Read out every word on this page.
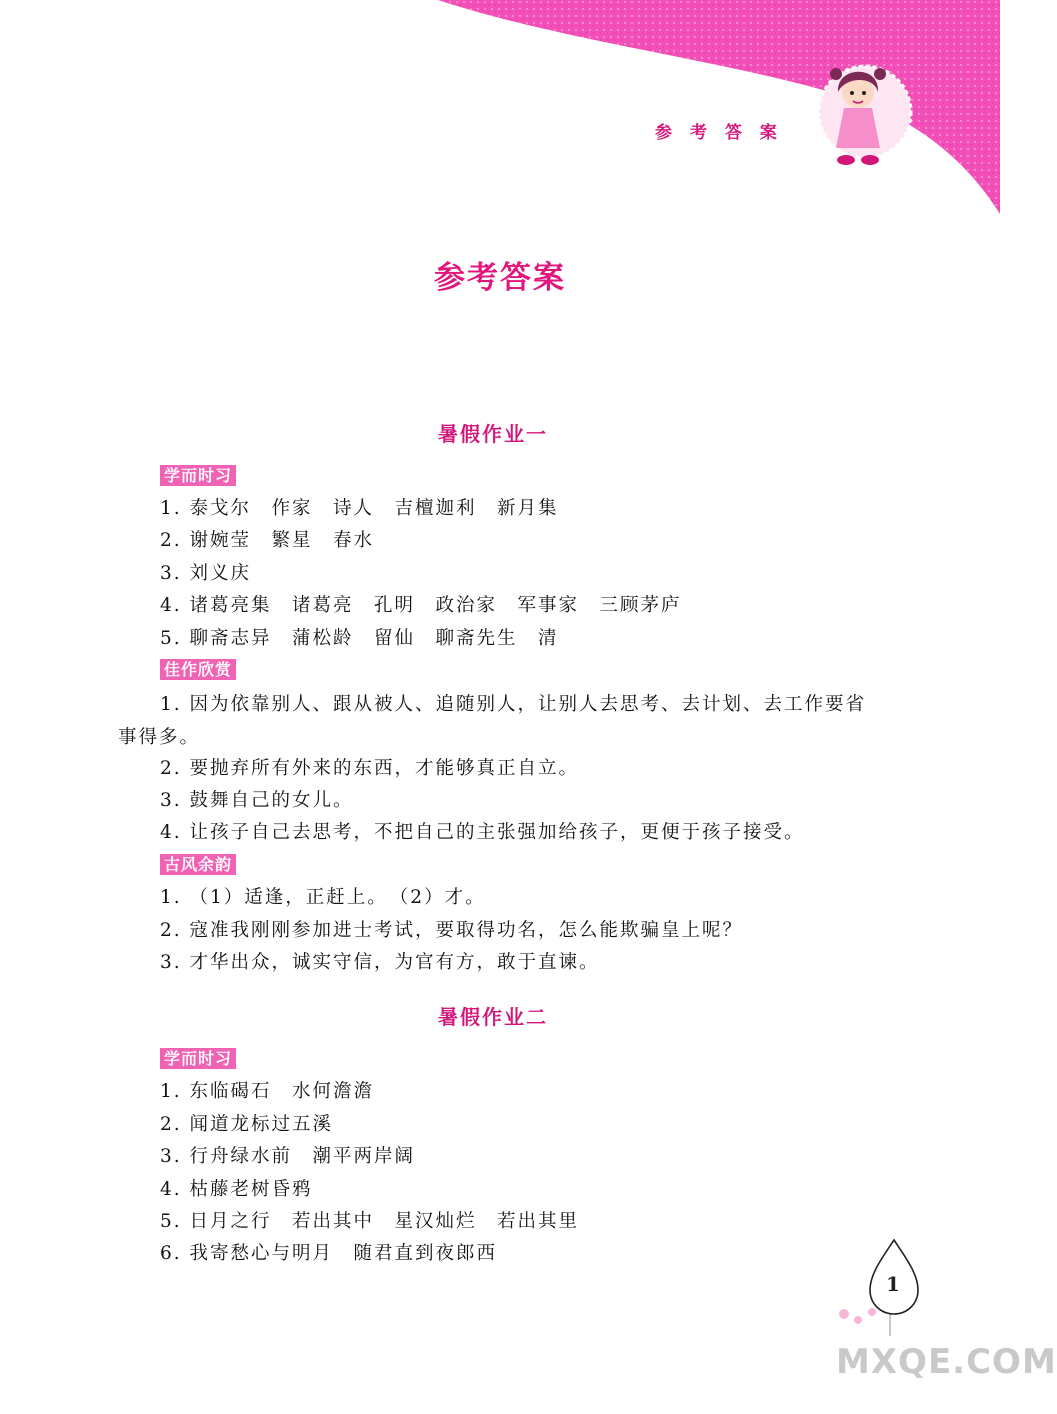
参 考 答 案
参考答案
暑假作业一
学而时习
1. 泰戈尔　作家　诗人　吉檀迦利　新月集
2. 谢婉莹　繁星　春水
3. 刘义庆
4. 诸葛亮集　诸葛亮　孔明　政治家　军事家　三顾茅庐
5. 聊斋志异　蒲松龄　留仙　聊斋先生　清
佳作欣赏
1. 因为依靠别人、跟从被人、追随别人，让别人去思考、去计划、去工作要省事得多。
2. 要抛弃所有外来的东西，才能够真正自立。
3. 鼓舞自己的女儿。
4. 让孩子自己去思考，不把自己的主张强加给孩子，更便于孩子接受。
古风余韵
1. （1）适逢，正赶上。　（2）才。
2. 寇准我刚刚参加进士考试，要取得功名，怎么能欺骗皇上呢？
3. 才华出众，诚实守信，为官有方，敢于直谏。
暑假作业二
学而时习
1. 东临碣石　水何澹澹
2. 闻道龙标过五溪
3. 行舟绿水前　潮平两岸阔
4. 枯藤老树昏鸦
5. 日月之行　若出其中　星汉灿烂　若出其里
6. 我寄愁心与明月　随君直到夜郎西
1
MXQE.COM
